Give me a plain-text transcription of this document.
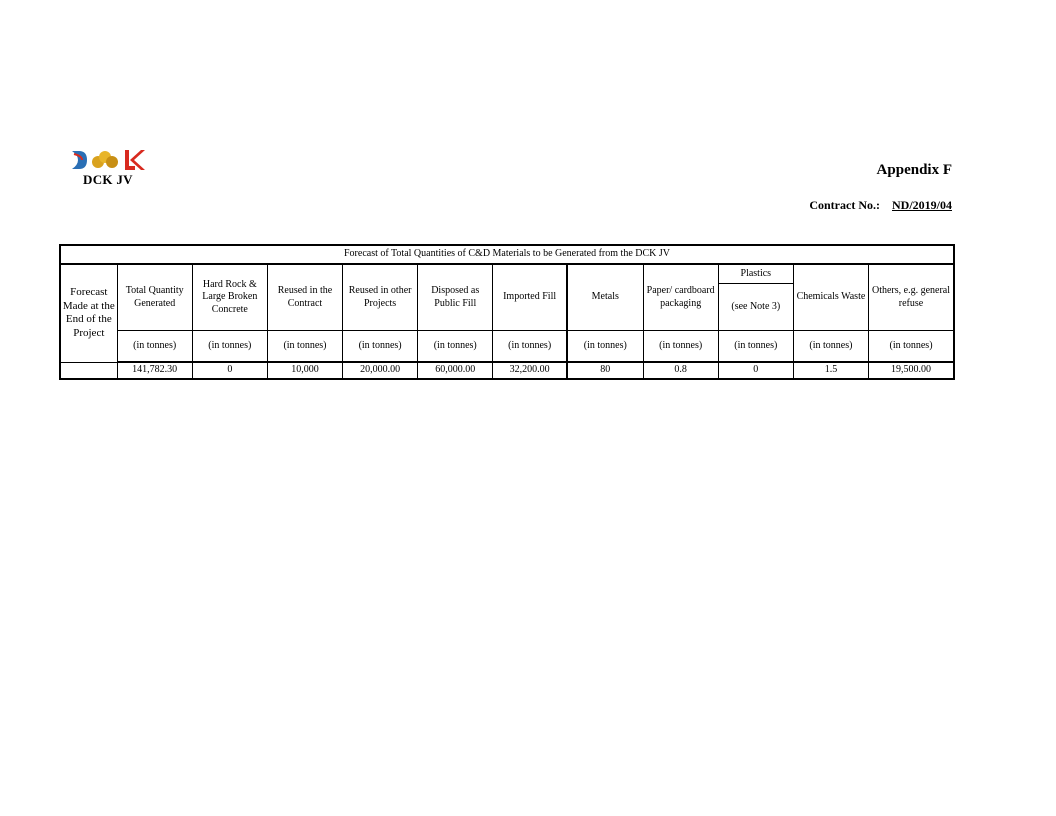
DCK JV
Appendix F
Contract No.: ND/2019/04
Forecast of Total Quantities of C&D Materials to be Generated from the DCK JV											
Forecast Made at the End of the Project	Total Quantity Generated	Hard Rock & Large Broken Concrete	Reused in the Contract	Reused in other Projects	Disposed as Public Fill	Imported Fill	Metals	Paper/ cardboard packaging	Plastics	Chemicals Waste	Others, e.g. general refuse
									(see Note 3)		
	(in tonnes)	(in tonnes)	(in tonnes)	(in tonnes)	(in tonnes)	(in tonnes)	(in tonnes)	(in tonnes)	(in tonnes)	(in tonnes)	(in tonnes)
	141,782.30	0	10,000	20,000.00	60,000.00	32,200.00	80	0.8	0	1.5	19,500.00
